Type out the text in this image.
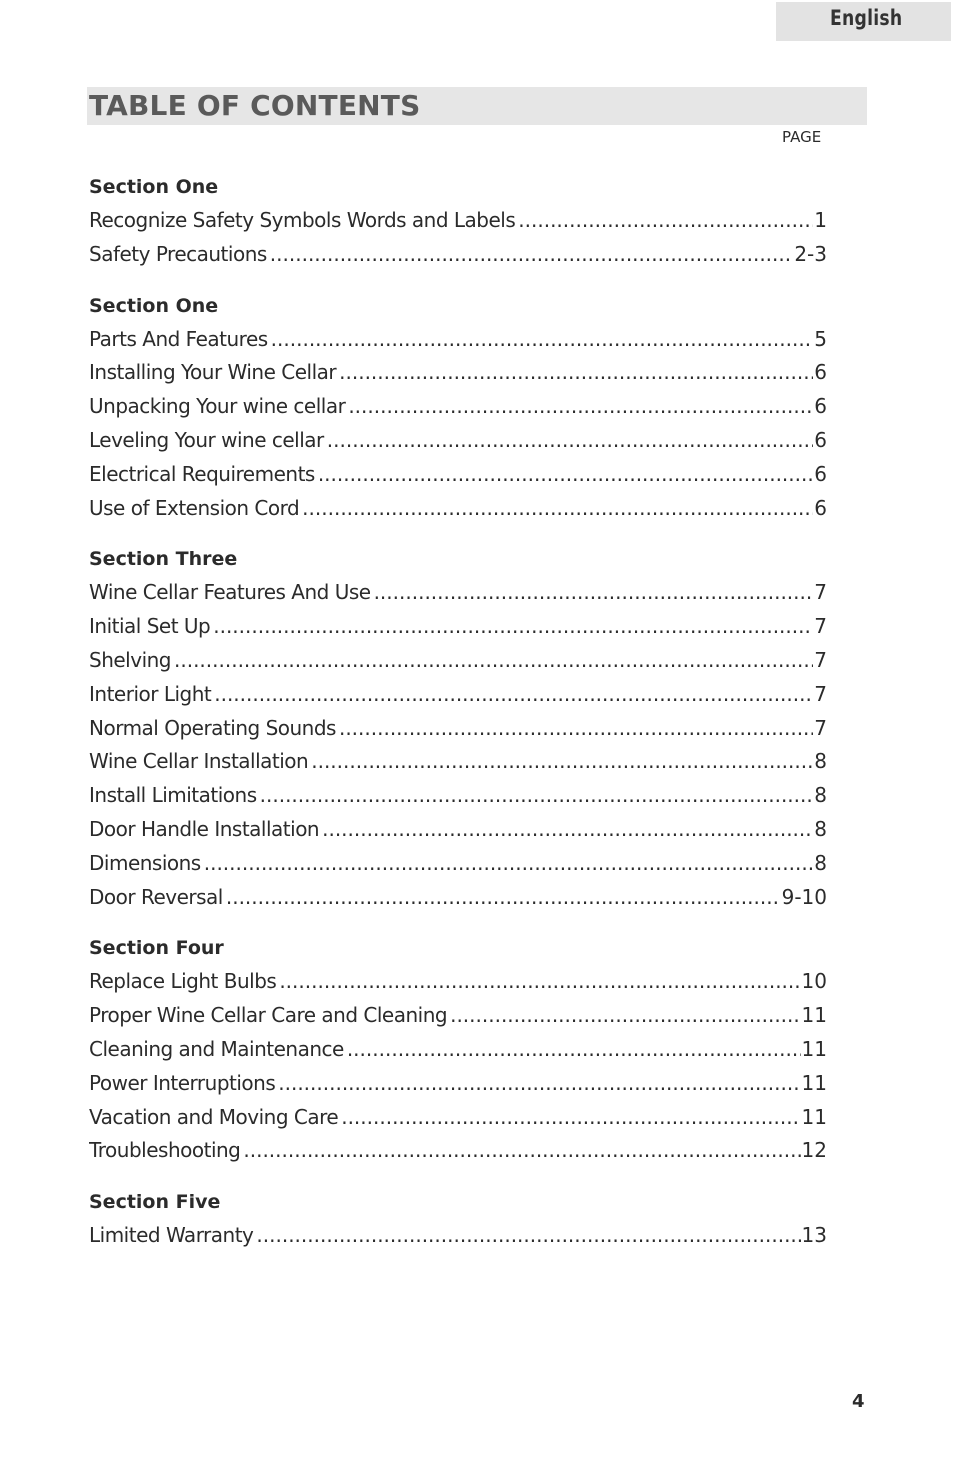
English
TABLE OF CONTENTS
PAGE
Section One
Recognize Safety Symbols Words and Labels .....	1
Safety Precautions .....	2-3
Section One
Parts And Features .....	5
Installing Your Wine Cellar .....	6
Unpacking Your wine cellar .....	6
Leveling Your wine cellar .....	6
Electrical Requirements .....	6
Use of Extension Cord .....	6
Section Three
Wine Cellar Features And Use .....	7
Initial Set Up .....	7
Shelving .....	7
Interior Light .....	7
Normal Operating Sounds .....	7
Wine Cellar Installation .....	8
Install Limitations .....	8
Door Handle Installation .....	8
Dimensions .....	8
Door Reversal .....	9-10
Section Four
Replace Light Bulbs .....	10
Proper Wine Cellar Care and Cleaning .....	11
Cleaning and Maintenance .....	11
Power Interruptions .....	11
Vacation and Moving Care .....	11
Troubleshooting .....	12
Section Five
Limited Warranty .....	13
4
